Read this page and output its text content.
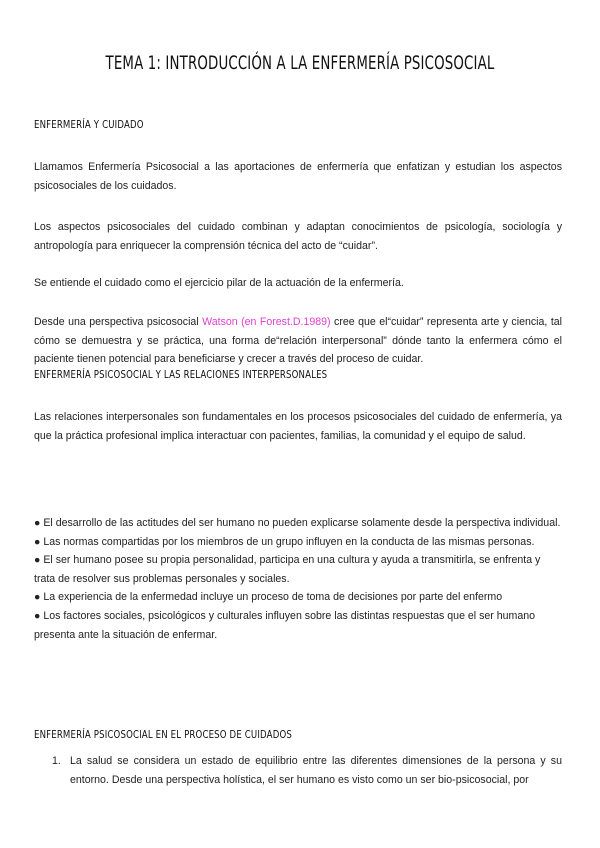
TEMA 1: INTRODUCCIÓN A LA ENFERMERÍA PSICOSOCIAL
ENFERMERÍA Y CUIDADO

Llamamos Enfermería Psicosocial a las aportaciones de enfermería que enfatizan y estudian los aspectos psicosociales de los cuidados.

Los aspectos psicosociales del cuidado combinan y adaptan conocimientos de psicología, sociología y antropología para enriquecer la comprensión técnica del acto de “cuidar”.

Se entiende el cuidado como el ejercicio pilar de la actuación de la enfermería.

Desde una perspectiva psicosocial Watson (en Forest.D.1989) cree que el“cuidar” representa arte y ciencia, tal cómo se demuestra y se práctica, una forma de“relación interpersonal” dónde tanto la enfermera cómo el paciente tienen potencial para beneficiarse y crecer a través del proceso de cuidar.

ENFERMERÍA PSICOSOCIAL Y LAS RELACIONES INTERPERSONALES

Las relaciones interpersonales son fundamentales en los procesos psicosociales del cuidado de enfermería, ya que la práctica profesional implica interactuar con pacientes, familias, la comunidad y el equipo de salud.

● El desarrollo de las actitudes del ser humano no pueden explicarse solamente desde la perspectiva individual.
● Las normas compartidas por los miembros de un grupo influyen en la conducta de las mismas personas.
● El ser humano posee su propia personalidad, participa en una cultura y ayuda a transmitirla, se enfrenta y trata de resolver sus problemas personales y sociales.
● La experiencia de la enfermedad incluye un proceso de toma de decisiones por parte del enfermo
● Los factores sociales, psicológicos y culturales influyen sobre las distintas respuestas que el ser humano presenta ante la situación de enfermar.
ENFERMERÍA PSICOSOCIAL EN EL PROCESO DE CUIDADOS
1. La salud se considera un estado de equilibrio entre las diferentes dimensiones de la persona y su entorno. Desde una perspectiva holística, el ser humano es visto como un ser bio-psicosocial, por
